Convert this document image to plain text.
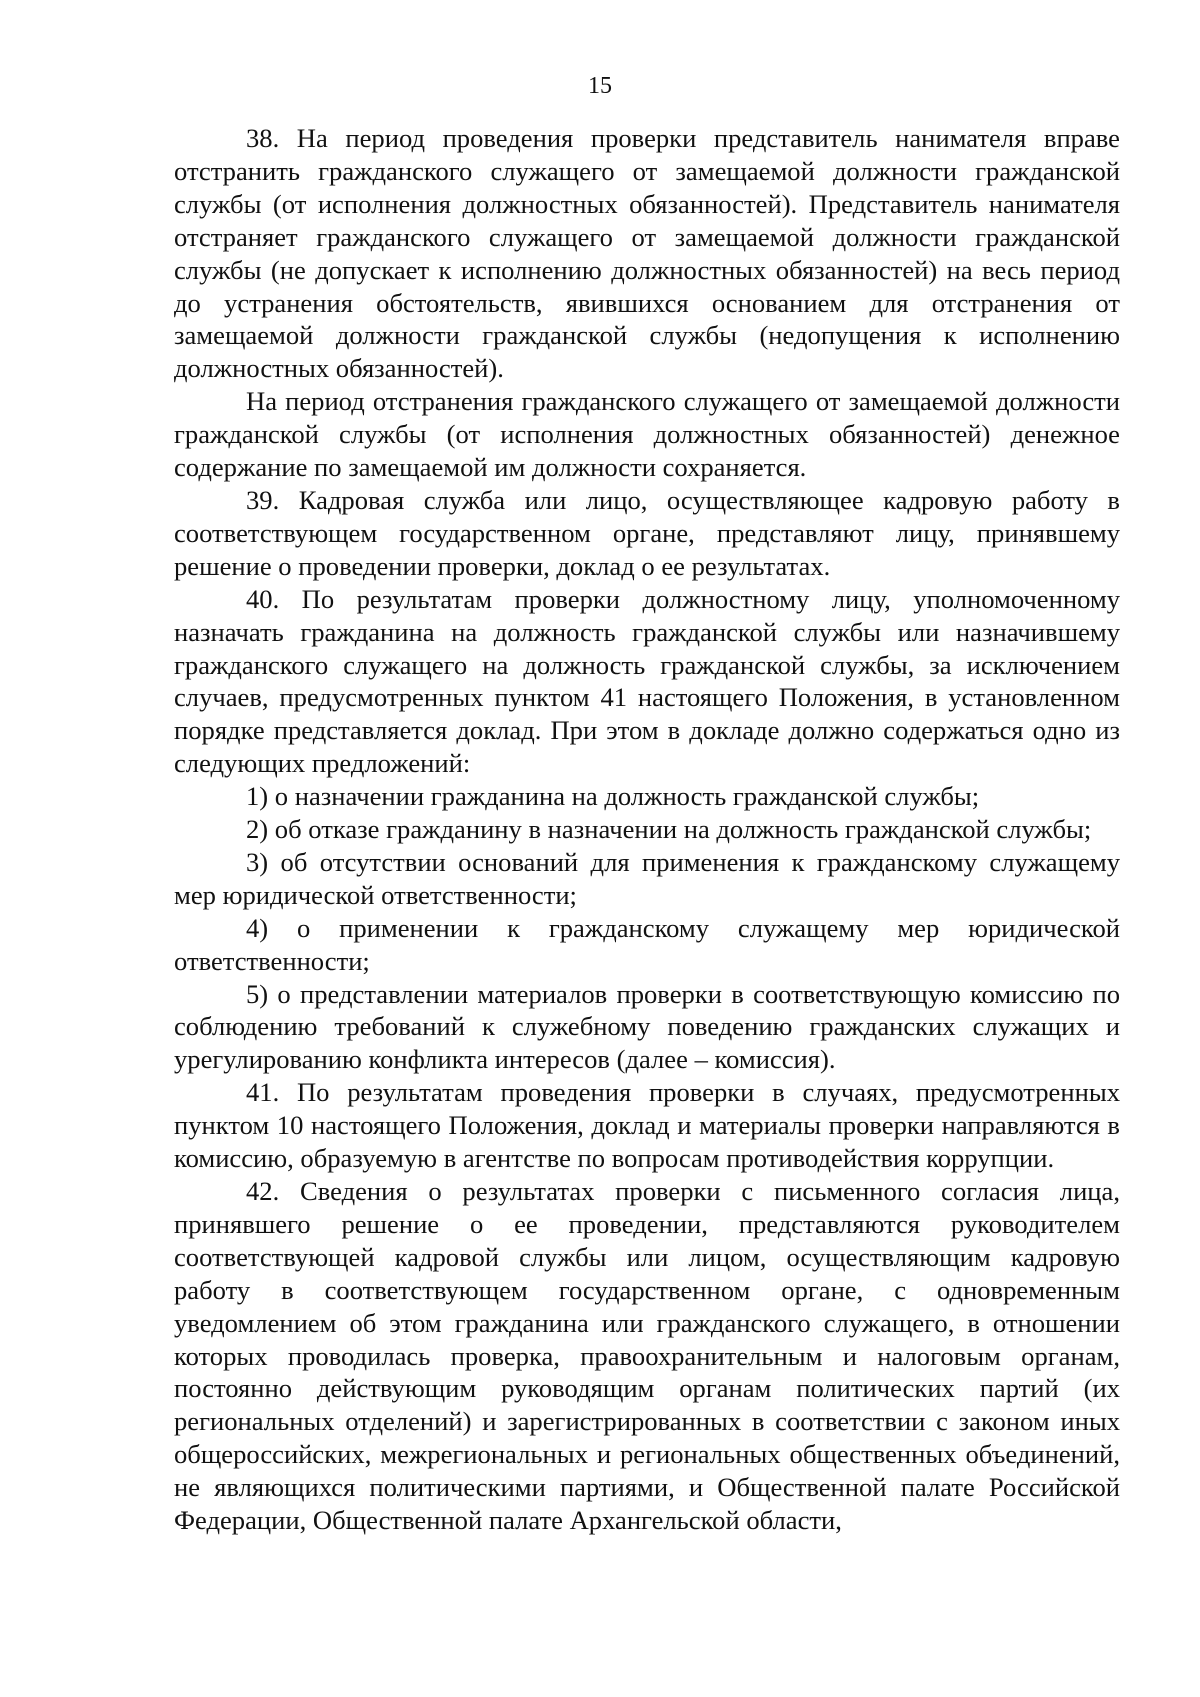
15

38. На период проведения проверки представитель нанимателя вправе отстранить гражданского служащего от замещаемой должности гражданской службы (от исполнения должностных обязанностей). Представитель нанимателя отстраняет гражданского служащего от замещаемой должности гражданской службы (не допускает к исполнению должностных обязанностей) на весь период до устранения обстоятельств, явившихся основанием для отстранения от замещаемой должности гражданской службы (недопущения к исполнению должностных обязанностей).

На период отстранения гражданского служащего от замещаемой должности гражданской службы (от исполнения должностных обязанностей) денежное содержание по замещаемой им должности сохраняется.

39. Кадровая служба или лицо, осуществляющее кадровую работу в соответствующем государственном органе, представляют лицу, принявшему решение о проведении проверки, доклад о ее результатах.

40. По результатам проверки должностному лицу, уполномоченному назначать гражданина на должность гражданской службы или назначившему гражданского служащего на должность гражданской службы, за исключением случаев, предусмотренных пунктом 41 настоящего Положения, в установленном порядке представляется доклад. При этом в докладе должно содержаться одно из следующих предложений:

1) о назначении гражданина на должность гражданской службы;

2) об отказе гражданину в назначении на должность гражданской службы;

3) об отсутствии оснований для применения к гражданскому служащему мер юридической ответственности;

4) о применении к гражданскому служащему мер юридической ответственности;

5) о представлении материалов проверки в соответствующую комиссию по соблюдению требований к служебному поведению гражданских служащих и урегулированию конфликта интересов (далее – комиссия).

41. По результатам проведения проверки в случаях, предусмотренных пунктом 10 настоящего Положения, доклад и материалы проверки направляются в комиссию, образуемую в агентстве по вопросам противодействия коррупции.

42. Сведения о результатах проверки с письменного согласия лица, принявшего решение о ее проведении, представляются руководителем соответствующей кадровой службы или лицом, осуществляющим кадровую работу в соответствующем государственном органе, с одновременным уведомлением об этом гражданина или гражданского служащего, в отношении которых проводилась проверка, правоохранительным и налоговым органам, постоянно действующим руководящим органам политических партий (их региональных отделений) и зарегистрированных в соответствии с законом иных общероссийских, межрегиональных и региональных общественных объединений, не являющихся политическими партиями, и Общественной палате Российской Федерации, Общественной палате Архангельской области,
